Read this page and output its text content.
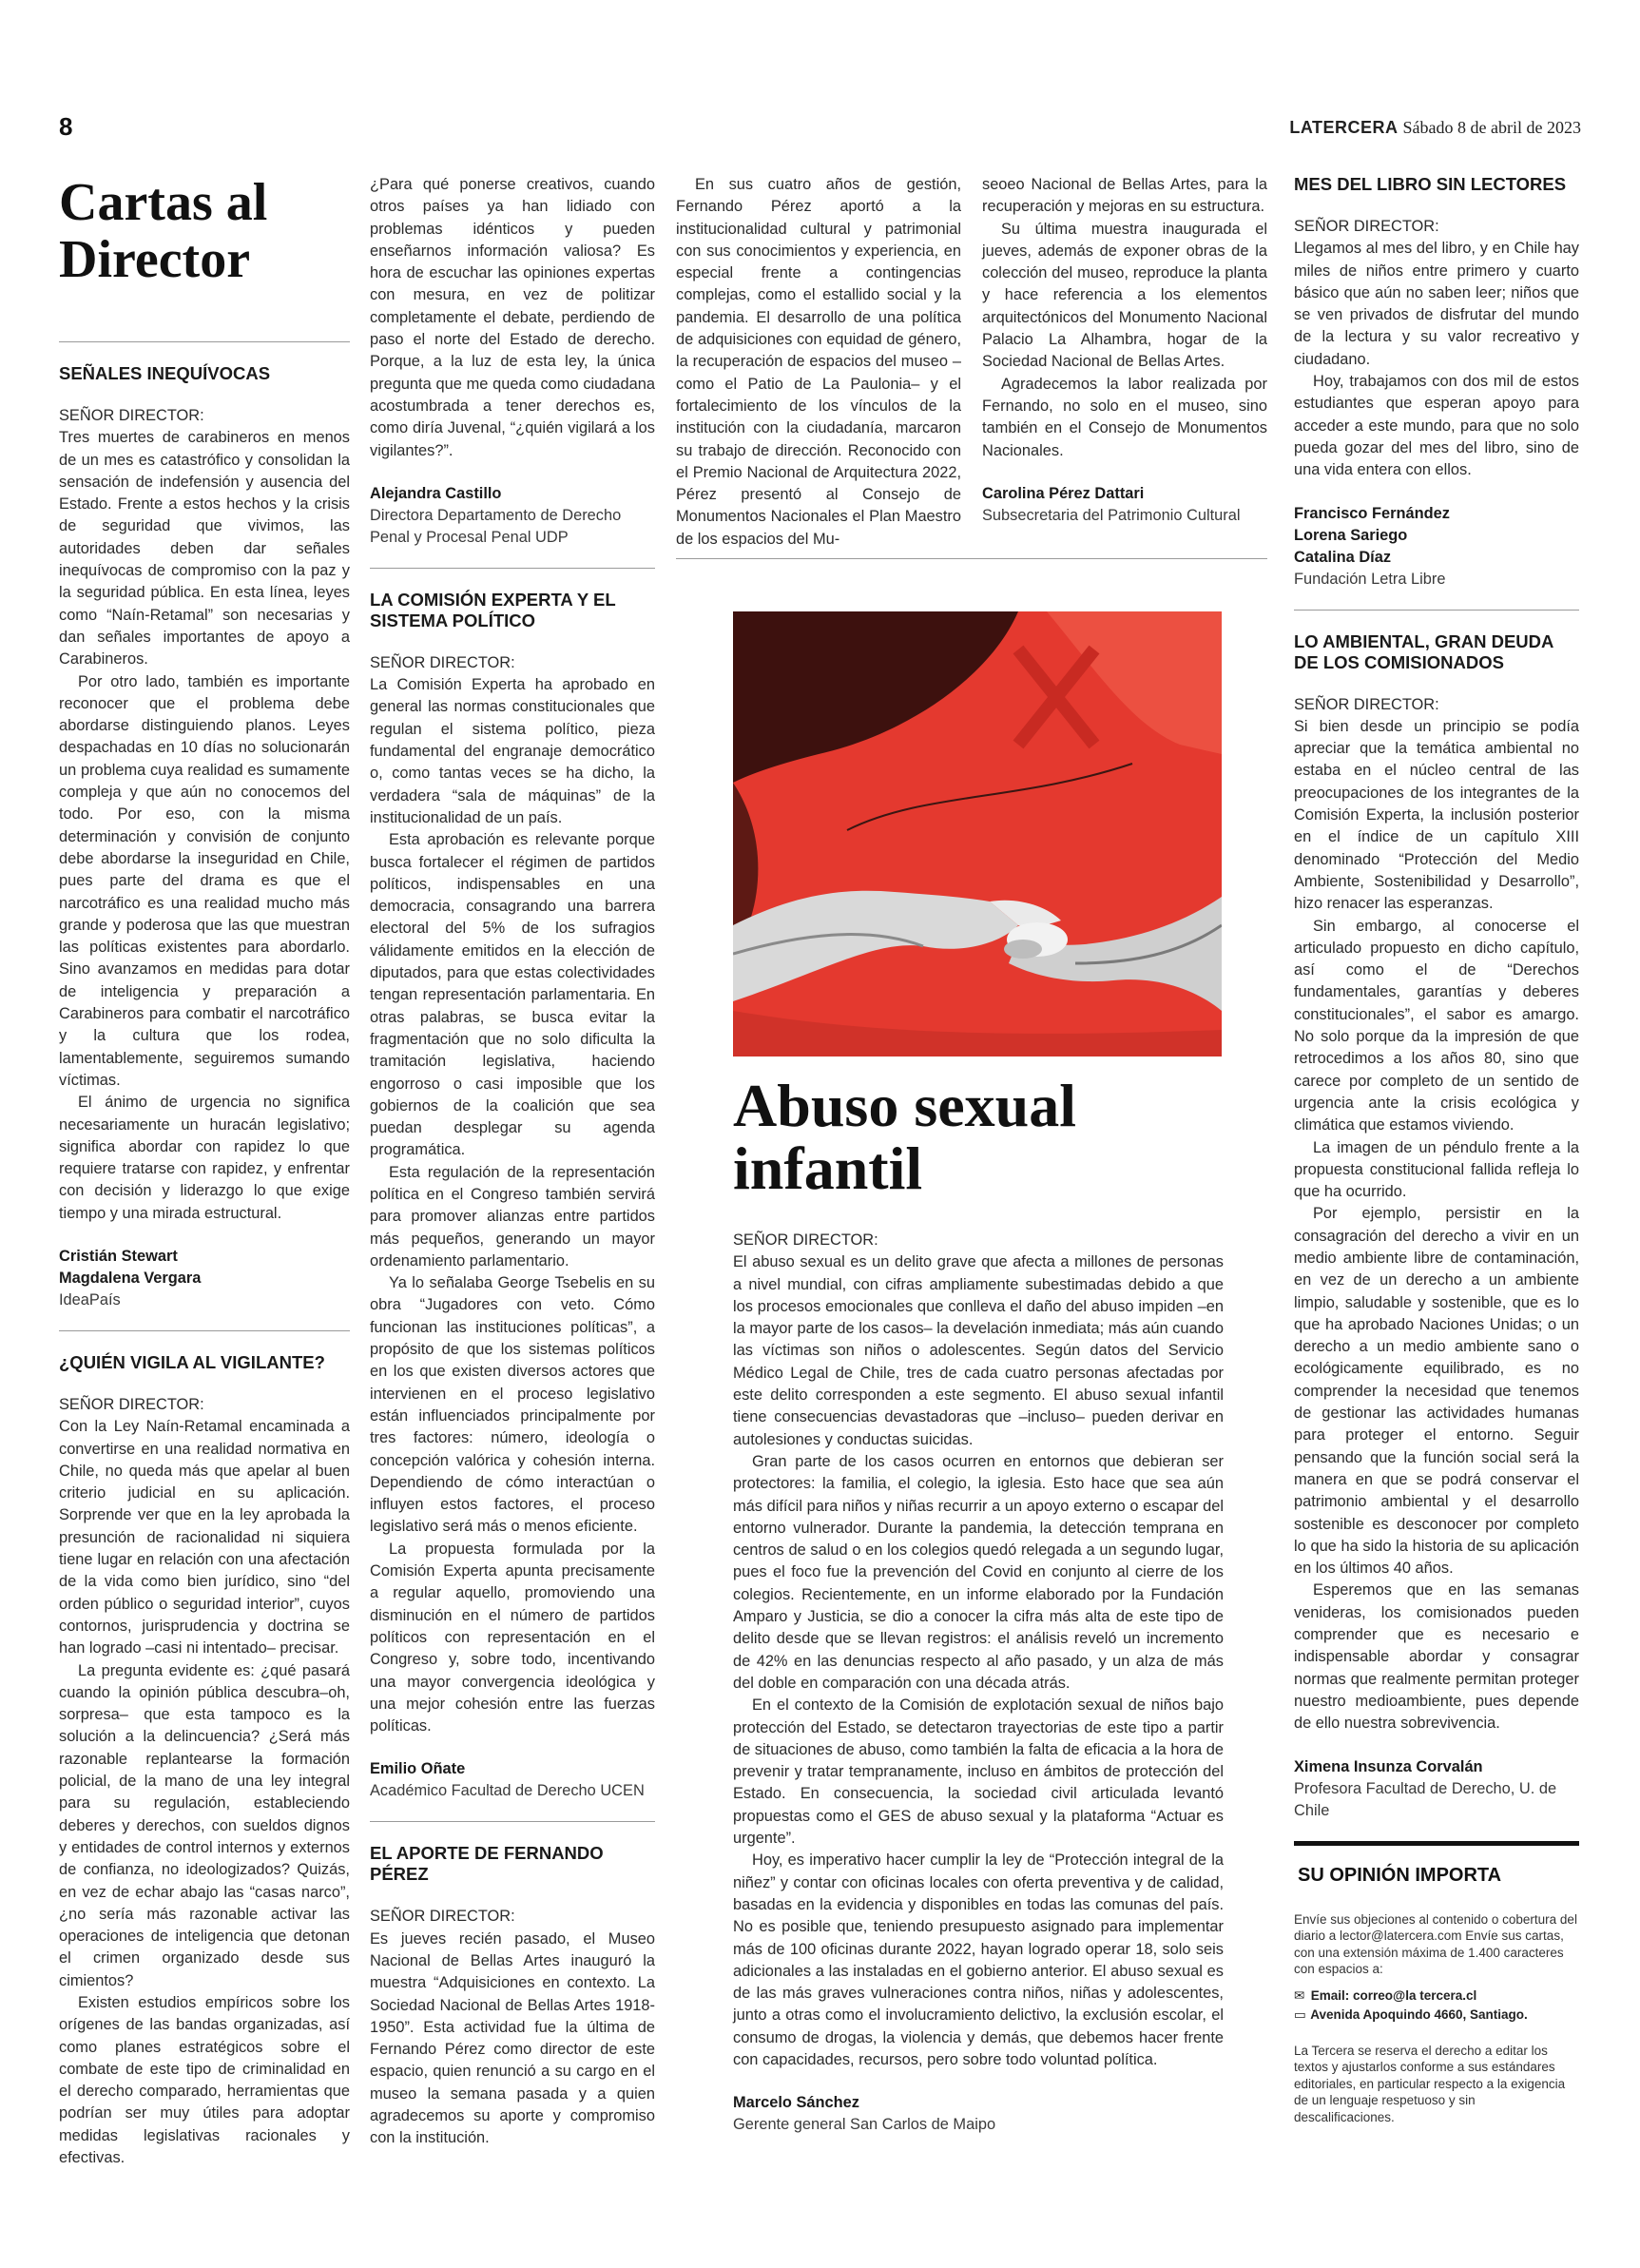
8	LATERCERA Sábado 8 de abril de 2023
Cartas al Director
SEÑALES INEQUÍVOCAS
SEÑOR DIRECTOR:

Tres muertes de carabineros en menos de un mes es catastrófico y consolidan la sensación de indefensión y ausencia del Estado. Frente a estos hechos y la crisis de seguridad que vivimos, las autoridades deben dar señales inequívocas de compromiso con la paz y la seguridad pública. En esta línea, leyes como “Naín-Retamal” son necesarias y dan señales importantes de apoyo a Carabineros.

Por otro lado, también es importante reconocer que el problema debe abordarse distinguiendo planos. Leyes despachadas en 10 días no solucionarán un problema cuya realidad es sumamente compleja y que aún no conocemos del todo. Por eso, con la misma determinación y convisión de conjunto debe abordarse la inseguridad en Chile, pues parte del drama es que el narcotráfico es una realidad mucho más grande y poderosa que las que muestran las políticas existentes para abordarlo. Sino avanzamos en medidas para dotar de inteligencia y preparación a Carabineros para combatir el narcotráfico y la cultura que los rodea, lamentablemente, seguiremos sumando víctimas.

El ánimo de urgencia no significa necesariamente un huracán legislativo; significa abordar con rapidez lo que requiere tratarse con rapidez, y enfrentar con decisión y liderazgo lo que exige tiempo y una mirada estructural.

Cristián Stewart
Magdalena Vergara
IdeaPaís
¿QUIÉN VIGILA AL VIGILANTE?
SEÑOR DIRECTOR:

Con la Ley Naín-Retamal encaminada a convertirse en una realidad normativa en Chile, no queda más que apelar al buen criterio judicial en su aplicación. Sorprende ver que en la ley aprobada la presunción de racionalidad ni siquiera tiene lugar en relación con una afectación de la vida como bien jurídico, sino “del orden público o seguridad interior”, cuyos contornos, jurisprudencia y doctrina se han logrado –casi ni intentado– precisar.

La pregunta evidente es: ¿qué pasará cuando la opinión pública descubra–oh, sorpresa– que esta tampoco es la solución a la delincuencia? ¿Será más razonable replantearse la formación policial, de la mano de una ley integral para su regulación, estableciendo deberes y derechos, con sueldos dignos y entidades de control internos y externos de confianza, no ideologizados? Quizás, en vez de echar abajo las “casas narco”, ¿no sería más razonable activar las operaciones de inteligencia que detonan el crimen organizado desde sus cimientos?

Existen estudios empíricos sobre los orígenes de las bandas organizadas, así como planes estratégicos sobre el combate de este tipo de criminalidad en el derecho comparado, herramientas que podrían ser muy útiles para adoptar medidas legislativas racionales y efectivas.

¿Para qué ponerse creativos, cuando otros países ya han lidiado con problemas idénticos y pueden enseñarnos información valiosa? Es hora de escuchar las opiniones expertas con mesura, en vez de politizar completamente el debate, perdiendo de paso el norte del Estado de derecho. Porque, a la luz de esta ley, la única pregunta que me queda como ciudadana acostumbrada a tener derechos es, como diría Juvenal, “¿quién vigilará a los vigilantes?”.

Alejandra Castillo
Directora Departamento de Derecho Penal y Procesal Penal UDP
LA COMISIÓN EXPERTA Y EL SISTEMA POLÍTICO
SEÑOR DIRECTOR:

La Comisión Experta ha aprobado en general las normas constitucionales que regulan el sistema político, pieza fundamental del engranaje democrático o, como tantas veces se ha dicho, la verdadera “sala de máquinas” de la institucionalidad de un país.

Esta aprobación es relevante porque busca fortalecer el régimen de partidos políticos, indispensables en una democracia, consagrando una barrera electoral del 5% de los sufragios válidamente emitidos en la elección de diputados, para que estas colectividades tengan representación parlamentaria. En otras palabras, se busca evitar la fragmentación que no solo dificulta la tramitación legislativa, haciendo engorroso o casi imposible que los gobiernos de la coalición que sea puedan desplegar su agenda programática.

Esta regulación de la representación política en el Congreso también servirá para promover alianzas entre partidos más pequeños, generando un mayor ordenamiento parlamentario.

Ya lo señalaba George Tsebelis en su obra “Jugadores con veto. Cómo funcionan las instituciones políticas”, a propósito de que los sistemas políticos en los que existen diversos actores que intervienen en el proceso legislativo están influenciados principalmente por tres factores: número, ideología o concepción valórica y cohesión interna. Dependiendo de cómo interactúan o influyen estos factores, el proceso legislativo será más o menos eficiente.

La propuesta formulada por la Comisión Experta apunta precisamente a regular aquello, promoviendo una disminución en el número de partidos políticos con representación en el Congreso y, sobre todo, incentivando una mayor convergencia ideológica y una mejor cohesión entre las fuerzas políticas.

Emilio Oñate
Académico Facultad de Derecho UCEN
EL APORTE DE FERNANDO PÉREZ
SEÑOR DIRECTOR:

Es jueves recién pasado, el Museo Nacional de Bellas Artes inauguró la muestra “Adquisiciones en contexto. La Sociedad Nacional de Bellas Artes 1918-1950”. Esta actividad fue la última de Fernando Pérez como director de este espacio, quien renunció a su cargo en el museo la semana pasada y a quien agradecemos su aporte y compromiso con la institución.

En sus cuatro años de gestión, Fernando Pérez aportó a la institucionalidad cultural y patrimonial con sus conocimientos y experiencia, en especial frente a contingencias complejas, como el estallido social y la pandemia. El desarrollo de una política de adquisiciones con equidad de género, la recuperación de espacios del museo –como el Patio de La Paulonia– y el fortalecimiento de los vínculos de la institución con la ciudadanía, marcaron su trabajo de dirección. Reconocido con el Premio Nacional de Arquitectura 2022, Pérez presentó al Consejo de Monumentos Nacionales el Plan Maestro de los espacios del Mu-

seoeo Nacional de Bellas Artes, para la recuperación y mejoras en su estructura.

Su última muestra inaugurada el jueves, además de exponer obras de la colección del museo, reproduce la planta y hace referencia a los elementos arquitectónicos del Monumento Nacional Palacio La Alhambra, hogar de la Sociedad Nacional de Bellas Artes.

Agradecemos la labor realizada por Fernando, no solo en el museo, sino también en el Consejo de Monumentos Nacionales.

Carolina Pérez Dattari
Subsecretaria del Patrimonio Cultural
Abuso sexual infantil
SEÑOR DIRECTOR:

El abuso sexual es un delito grave que afecta a millones de personas a nivel mundial, con cifras ampliamente subestimadas debido a que los procesos emocionales que conlleva el daño del abuso impiden –en la mayor parte de los casos– la develación inmediata; más aún cuando las víctimas son niños o adolescentes. Según datos del Servicio Médico Legal de Chile, tres de cada cuatro personas afectadas por este delito corresponden a este segmento. El abuso sexual infantil tiene consecuencias devastadoras que –incluso– pueden derivar en autolesiones y conductas suicidas.

Gran parte de los casos ocurren en entornos que debieran ser protectores: la familia, el colegio, la iglesia. Esto hace que sea aún más difícil para niños y niñas recurrir a un apoyo externo o escapar del entorno vulnerador. Durante la pandemia, la detección temprana en centros de salud o en los colegios quedó relegada a un segundo lugar, pues el foco fue la prevención del Covid en conjunto al cierre de los colegios. Recientemente, en un informe elaborado por la Fundación Amparo y Justicia, se dio a conocer la cifra más alta de este tipo de delito desde que se llevan registros: el análisis reveló un incremento de 42% en las denuncias respecto al año pasado, y un alza de más del doble en comparación con una década atrás.

En el contexto de la Comisión de explotación sexual de niños bajo protección del Estado, se detectaron trayectorias de este tipo a partir de situaciones de abuso, como también la falta de eficacia a la hora de prevenir y tratar tempranamente, incluso en ámbitos de protección del Estado. En consecuencia, la sociedad civil articulada levantó propuestas como el GES de abuso sexual y la plataforma “Actuar es urgente”.

Hoy, es imperativo hacer cumplir la ley de “Protección integral de la niñez” y contar con oficinas locales con oferta preventiva y de calidad, basadas en la evidencia y disponibles en todas las comunas del país. No es posible que, teniendo presupuesto asignado para implementar más de 100 oficinas durante 2022, hayan logrado operar 18, solo seis adicionales a las instaladas en el gobierno anterior. El abuso sexual es de las más graves vulneraciones contra niños, niñas y adolescentes, junto a otras como el involucramiento delictivo, la exclusión escolar, el consumo de drogas, la violencia y demás, que debemos hacer frente con capacidades, recursos, pero sobre todo voluntad política.

Marcelo Sánchez
Gerente general San Carlos de Maipo
MES DEL LIBRO SIN LECTORES
SEÑOR DIRECTOR:

Llegamos al mes del libro, y en Chile hay miles de niños entre primero y cuarto básico que aún no saben leer; niños que se ven privados de disfrutar del mundo de la lectura y su valor recreativo y ciudadano.

Hoy, trabajamos con dos mil de estos estudiantes que esperan apoyo para acceder a este mundo, para que no solo pueda gozar del mes del libro, sino de una vida entera con ellos.

Francisco Fernández
Lorena Sariego
Catalina Díaz
Fundación Letra Libre
LO AMBIENTAL, GRAN DEUDA DE LOS COMISIONADOS
SEÑOR DIRECTOR:

Si bien desde un principio se podía apreciar que la temática ambiental no estaba en el núcleo central de las preocupaciones de los integrantes de la Comisión Experta, la inclusión posterior en el índice de un capítulo XIII denominado “Protección del Medio Ambiente, Sostenibilidad y Desarrollo”, hizo renacer las esperanzas.

Sin embargo, al conocerse el articulado propuesto en dicho capítulo, así como el de “Derechos fundamentales, garantías y deberes constitucionales”, el sabor es amargo. No solo porque da la impresión de que retrocedimos a los años 80, sino que carece por completo de un sentido de urgencia ante la crisis ecológica y climática que estamos viviendo.

La imagen de un péndulo frente a la propuesta constitucional fallida refleja lo que ha ocurrido.

Por ejemplo, persistir en la consagración del derecho a vivir en un medio ambiente libre de contaminación, en vez de un derecho a un ambiente limpio, saludable y sostenible, que es lo que ha aprobado Naciones Unidas; o un derecho a un medio ambiente sano o ecológicamente equilibrado, es no comprender la necesidad que tenemos de gestionar las actividades humanas para proteger el entorno. Seguir pensando que la función social será la manera en que se podrá conservar el patrimonio ambiental y el desarrollo sostenible es desconocer por completo lo que ha sido la historia de su aplicación en los últimos 40 años.

Esperemos que en las semanas venideras, los comisionados pueden comprender que es necesario e indispensable abordar y consagrar normas que realmente permitan proteger nuestro medioambiente, pues depende de ello nuestra sobrevivencia.

Ximena Insunza Corvalán
Profesora Facultad de Derecho, U. de Chile
SU OPINIÓN IMPORTA
Envíe sus objeciones al contenido o cobertura del diario a lector@latercera.com Envíe sus cartas, con una extensión máxima de 1.400 caracteres con espacios a:
✉ Email: correo@la tercera.cl
▭ Avenida Apoquindo 4660, Santiago.
La Tercera se reserva el derecho a editar los textos y ajustarlos conforme a sus estándares editoriales, en particular respecto a la exigencia de un lenguaje respetuoso y sin descalificaciones.
